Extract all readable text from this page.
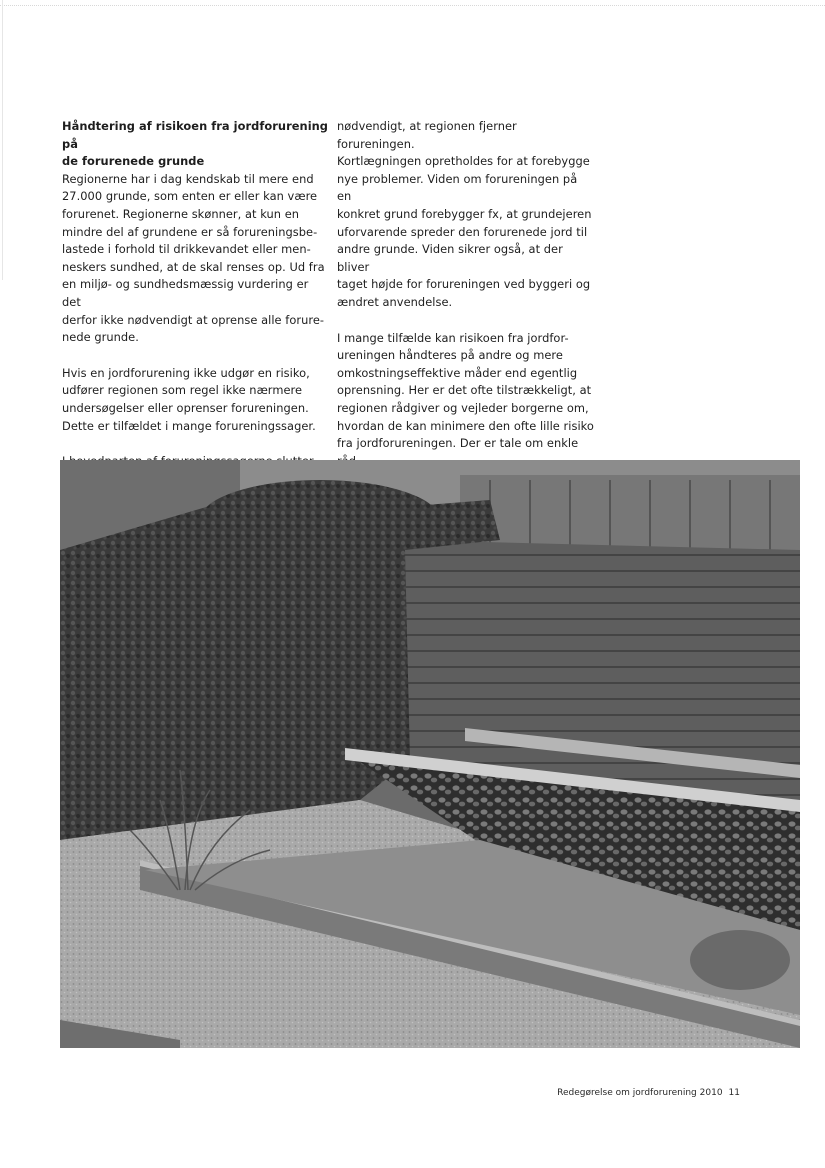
Håndtering af risikoen fra jordforurening på
de forurenede grunde

Regionerne har i dag kendskab til mere end
27.000 grunde, som enten er eller kan være
forurenet. Regionerne skønner, at kun en
mindre del af grundene er så forureningsbe-
lastede i forhold til drikkevandet eller men-
neskers sundhed, at de skal renses op. Ud fra
en miljø- og sundhedsmæssig vurdering er det
derfor ikke nødvendigt at oprense alle forure-
nede grunde.

Hvis en jordforurening ikke udgør en risiko,
udfører regionen som regel ikke nærmere
undersøgelser eller oprenser forureningen.
Dette er tilfældet i mange forureningssager.

nødvendigt, at regionen fjerner forureningen.
Kortlægningen opretholdes for at forebygge
nye problemer. Viden om forureningen på en
konkret grund forebygger fx, at grundejeren
uforvarende spreder den forurenede jord til
andre grunde. Viden sikrer også, at der bliver
taget højde for forureningen ved byggeri og
ændret anvendelse.

I mange tilfælde kan risikoen fra jordfor-
ureningen håndteres på andre og mere
omkostningseffektive måder end egentlig
oprensning. Her er det ofte tilstrækkeligt, at
regionen rådgiver og vejleder borgerne om,
hvordan de kan minimere den ofte lille risiko
fra jordforureningen. Der er tale om enkle

Redegørelse om jordforurening 2010 11
